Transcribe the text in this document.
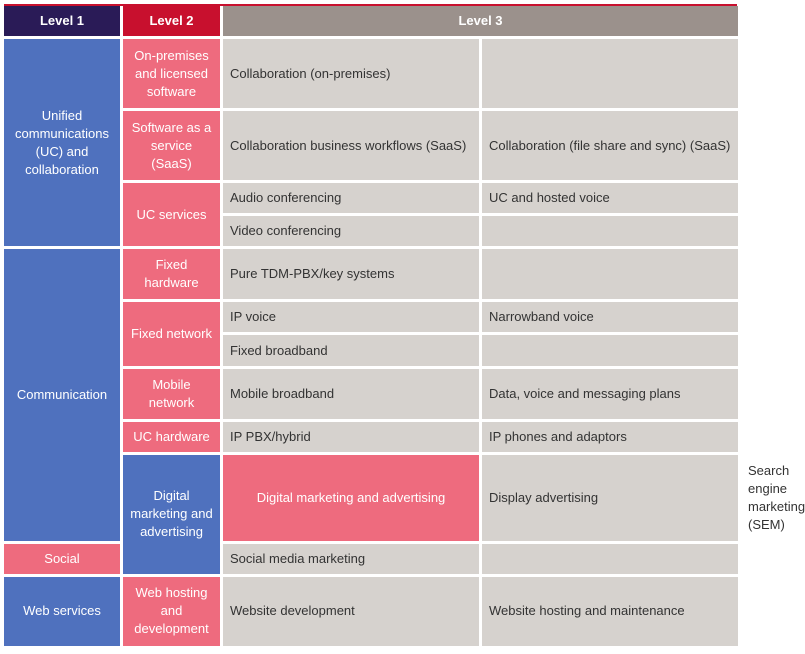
Level 1	Level 2	Level 3		
Unified communications (UC) and collaboration	On-premises and licensed software	Collaboration (on-premises)		
	Software as a service (SaaS)	Collaboration business workflows (SaaS)	Collaboration (file share and sync) (SaaS)	
	UC services	Audio conferencing	UC and hosted voice	
		Video conferencing		
Communication	Fixed hardware	Pure TDM-PBX/key systems		
	Fixed network	IP voice	Narrowband voice	
		Fixed broadband		
	Mobile network	Mobile broadband	Data, voice and messaging plans	
	UC hardware	IP PBX/hybrid	IP phones and adaptors	
	Digital marketing and advertising	Digital marketing and advertising	Display advertising	Search engine marketing (SEM)
Social		Social media marketing		
Web services	Web hosting and development	Website development	Website hosting and maintenance	
